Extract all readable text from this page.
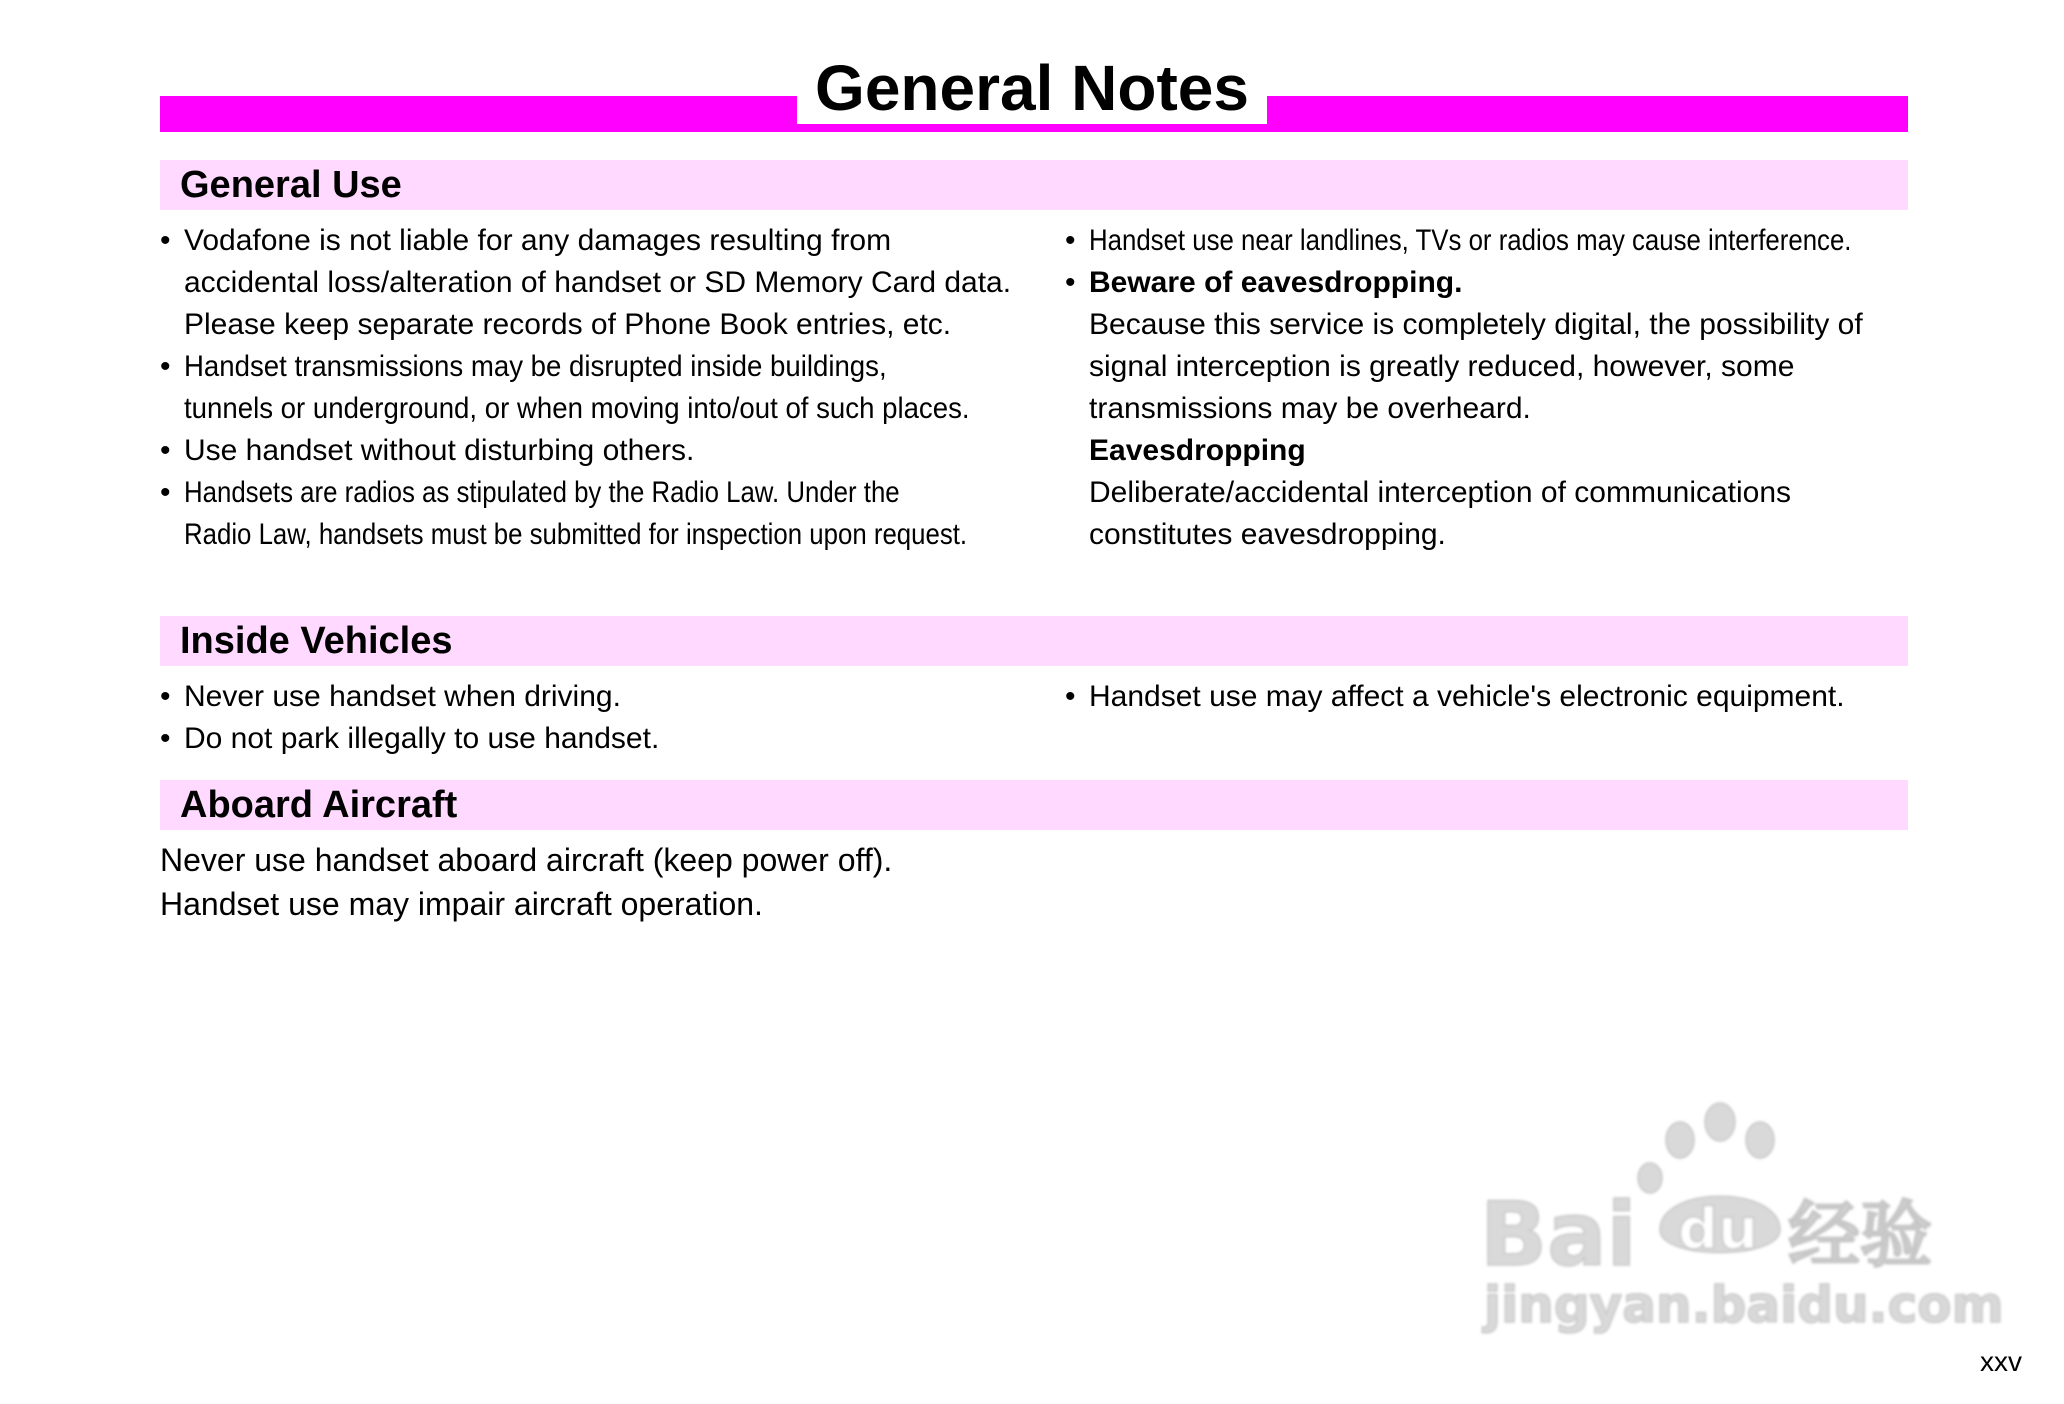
General Notes
General Use
• Vodafone is not liable for any damages resulting from
accidental loss/alteration of handset or SD Memory Card data.
Please keep separate records of Phone Book entries, etc.
• Handset transmissions may be disrupted inside buildings,
tunnels or underground, or when moving into/out of such places.
• Use handset without disturbing others.
• Handsets are radios as stipulated by the Radio Law. Under the
Radio Law, handsets must be submitted for inspection upon request.
• Handset use near landlines, TVs or radios may cause interference.
• Beware of eavesdropping.
Because this service is completely digital, the possibility of
signal interception is greatly reduced, however, some
transmissions may be overheard.
Eavesdropping
Deliberate/accidental interception of communications
constitutes eavesdropping.
Inside Vehicles
• Never use handset when driving.
• Do not park illegally to use handset.
• Handset use may affect a vehicle's electronic equipment.
Aboard Aircraft

Never use handset aboard aircraft (keep power off).
Handset use may impair aircraft operation.

Bai du 经验
jingyan.baidu.com
xxv
